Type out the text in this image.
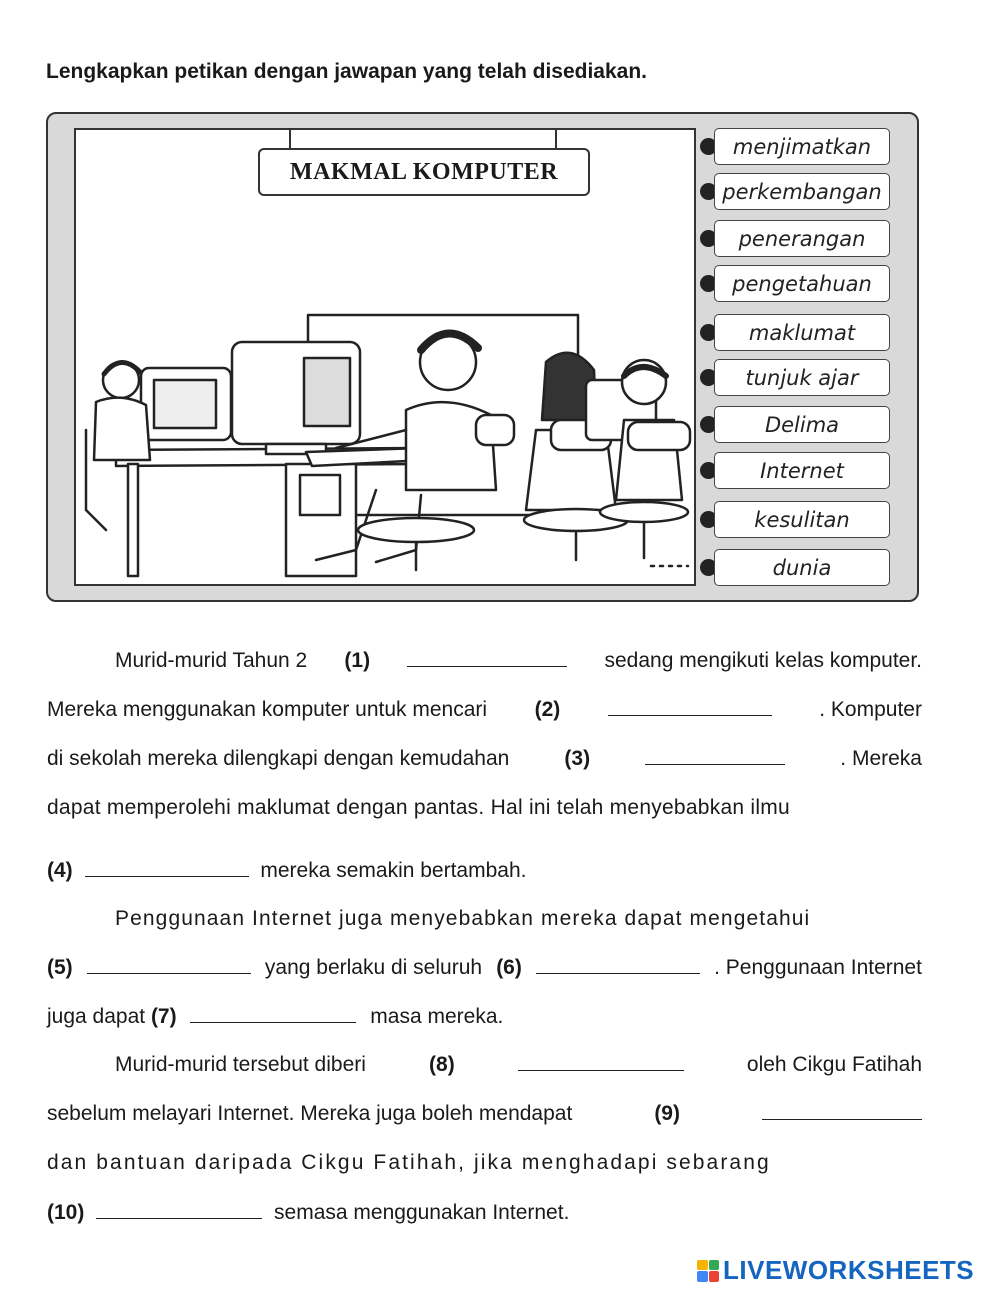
Lengkapkan petikan dengan jawapan yang telah disediakan.
MAKMAL KOMPUTER
menjimatkan
perkembangan
penerangan
pengetahuan
maklumat
tunjuk ajar
Delima
Internet
kesulitan
dunia
Murid-murid Tahun 2 (1)	sedang mengikuti kelas komputer.
Mereka menggunakan komputer untuk mencari (2)	. Komputer
di sekolah mereka dilengkapi dengan kemudahan	(3)	. Mereka
dapat memperolehi maklumat dengan pantas. Hal ini telah menyebabkan ilmu
(4)	mereka semakin bertambah.
Penggunaan Internet juga menyebabkan mereka dapat mengetahui
(5)	yang berlaku di seluruh (6)	. Penggunaan Internet
juga dapat (7)	masa mereka.
Murid-murid tersebut diberi	(8)	oleh Cikgu Fatihah
sebelum melayari Internet. Mereka juga boleh mendapat	(9)
dan bantuan daripada Cikgu Fatihah, jika menghadapi sebarang
(10)	semasa menggunakan Internet.
LIVEWORKSHEETS
